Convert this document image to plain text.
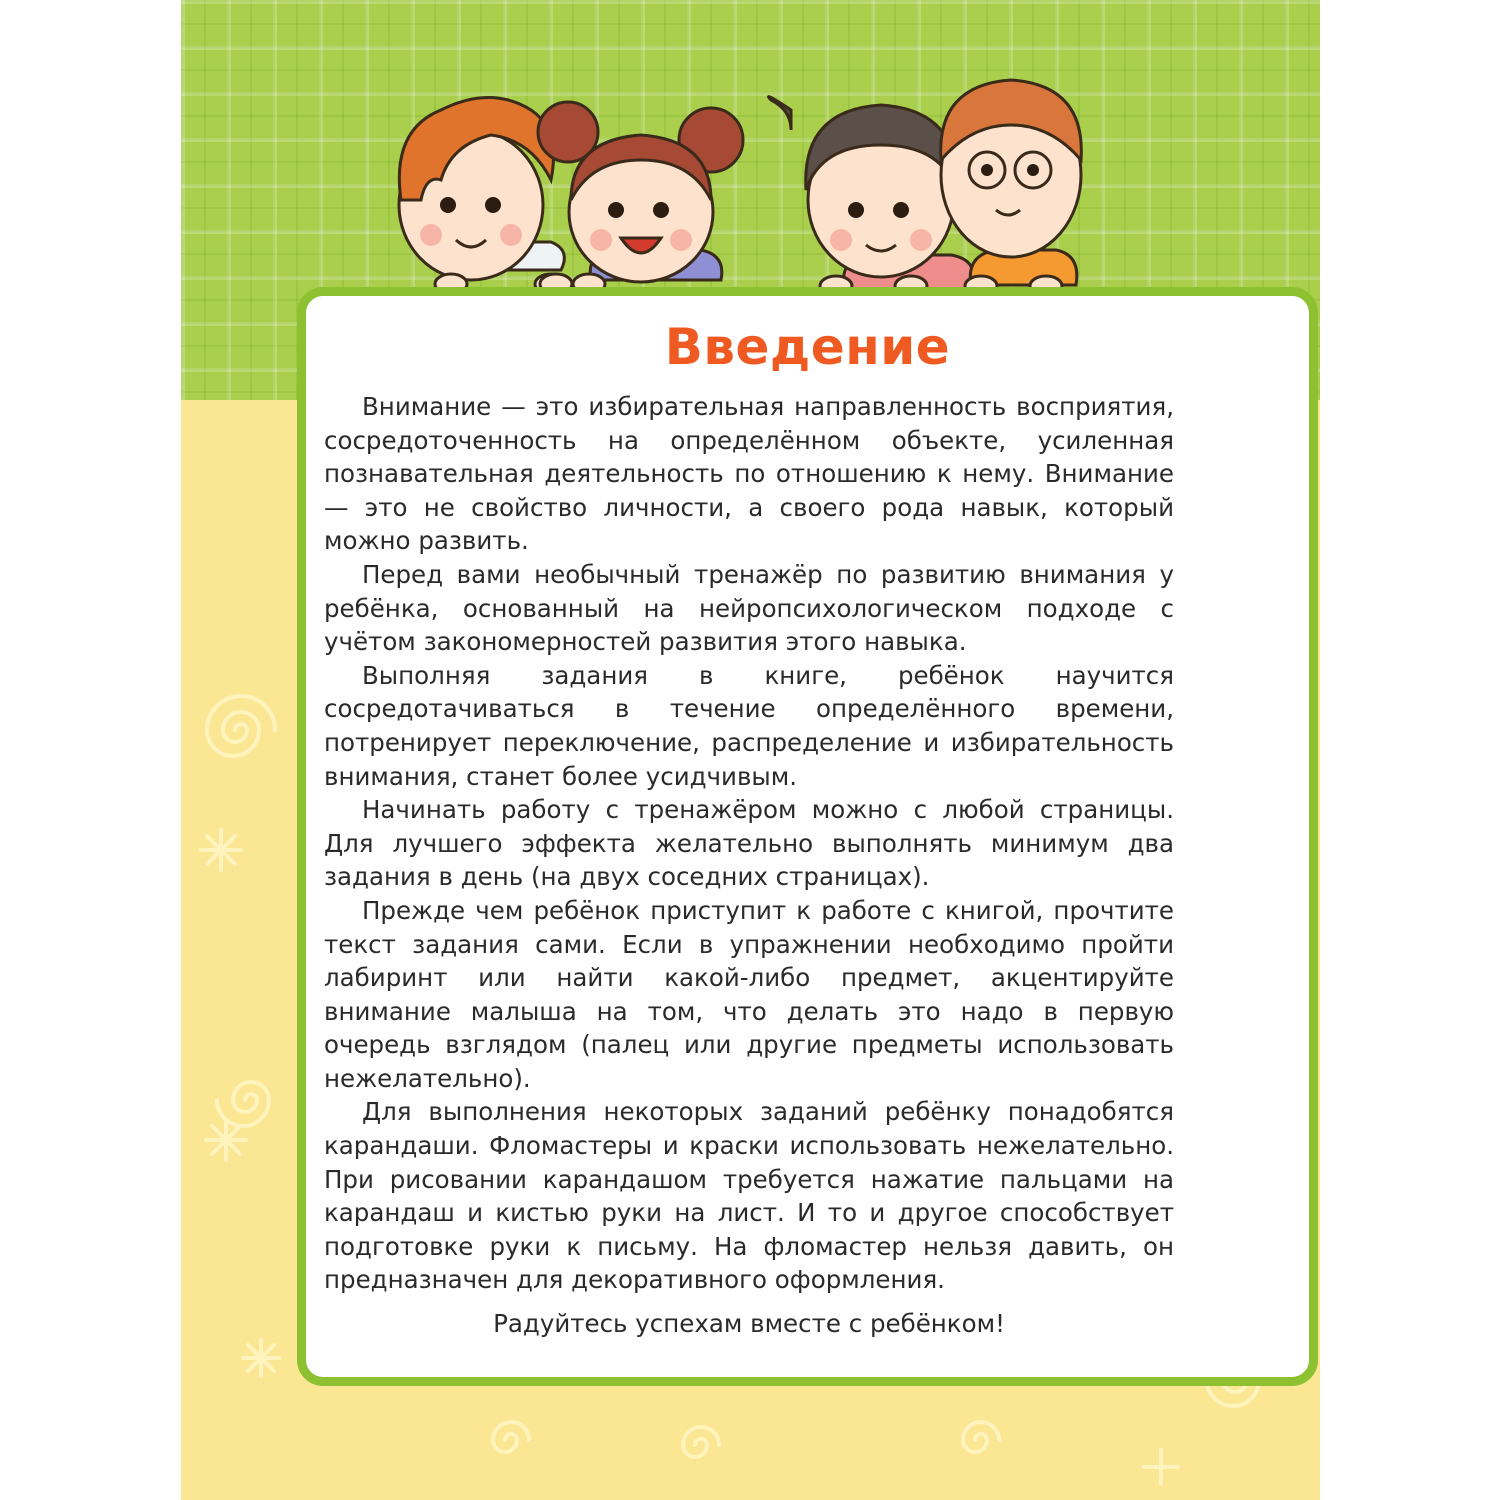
Введение

Внимание — это избирательная направленность восприятия, сосредоточенность на определённом объекте, усиленная познавательная деятельность по отношению к нему. Внимание — это не свойство личности, а своего рода навык, который можно развить.

Перед вами необычный тренажёр по развитию внимания у ребёнка, основанный на нейропсихологическом подходе с учётом закономерностей развития этого навыка.

Выполняя задания в книге, ребёнок научится сосредотачиваться в течение определённого времени, потренирует переключение, распределение и избирательность внимания, станет более усидчивым.

Начинать работу с тренажёром можно с любой страницы. Для лучшего эффекта желательно выполнять минимум два задания в день (на двух соседних страницах).

Прежде чем ребёнок приступит к работе с книгой, прочтите текст задания сами. Если в упражнении необходимо пройти лабиринт или найти какой-либо предмет, акцентируйте внимание малыша на том, что делать это надо в первую очередь взглядом (палец или другие предметы использовать нежелательно).

Для выполнения некоторых заданий ребёнку понадобятся карандаши. Фломастеры и краски использовать нежелательно. При рисовании карандашом требуется нажатие пальцами на карандаш и кистью руки на лист. И то и другое способствует подготовке руки к письму. На фломастер нельзя давить, он предназначен для декоративного оформления.

Радуйтесь успехам вместе с ребёнком!
